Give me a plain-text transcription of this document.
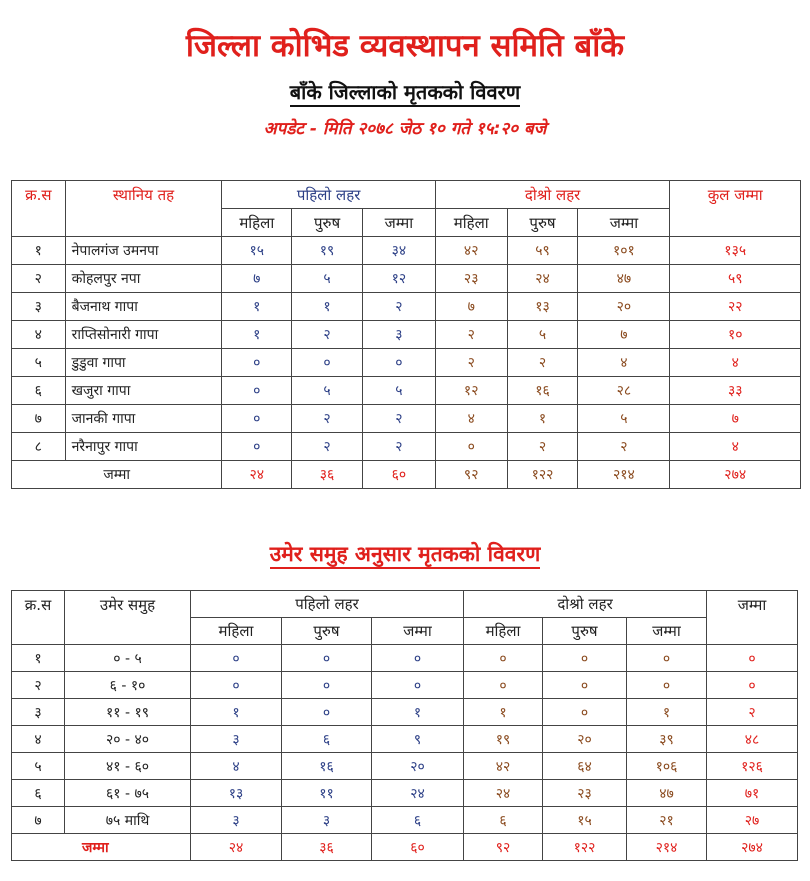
जिल्ला कोभिड व्यवस्थापन समिति बाँके
बाँके जिल्लाको मृतकको विवरण
अपडेट - मिति २०७८ जेठ १० गते १५:२० बजे
क्र.स	स्थानिय तह	पहिलो लहर			दोश्रो लहर			कुल जम्मा
		महिला	पुरुष	जम्मा	महिला	पुरुष	जम्मा	
१	नेपालगंज उमनपा	१५	१९	३४	४२	५९	१०१	१३५
२	कोहलपुर नपा	७	५	१२	२३	२४	४७	५९
३	बैजनाथ गापा	१	१	२	७	१३	२०	२२
४	राप्तिसोनारी गापा	१	२	३	२	५	७	१०
५	डुडुवा गापा	०	०	०	२	२	४	४
६	खजुरा गापा	०	५	५	१२	१६	२८	३३
७	जानकी गापा	०	२	२	४	१	५	७
८	नरैनापुर गापा	०	२	२	०	२	२	४
जम्मा		२४	३६	६०	९२	१२२	२१४	२७४
उमेर समुह अनुसार मृतकको विवरण
क्र.स	उमेर समुह	पहिलो लहर			दोश्रो लहर			जम्मा
		महिला	पुरुष	जम्मा	महिला	पुरुष	जम्मा	
१	० - ५	०	०	०	०	०	०	०
२	६ - १०	०	०	०	०	०	०	०
३	११ - १९	१	०	१	१	०	१	२
४	२० - ४०	३	६	९	१९	२०	३९	४८
५	४१ - ६०	४	१६	२०	४२	६४	१०६	१२६
६	६१ - ७५	१३	११	२४	२४	२३	४७	७१
७	७५ माथि	३	३	६	६	१५	२१	२७
जम्मा		२४	३६	६०	९२	१२२	२१४	२७४
